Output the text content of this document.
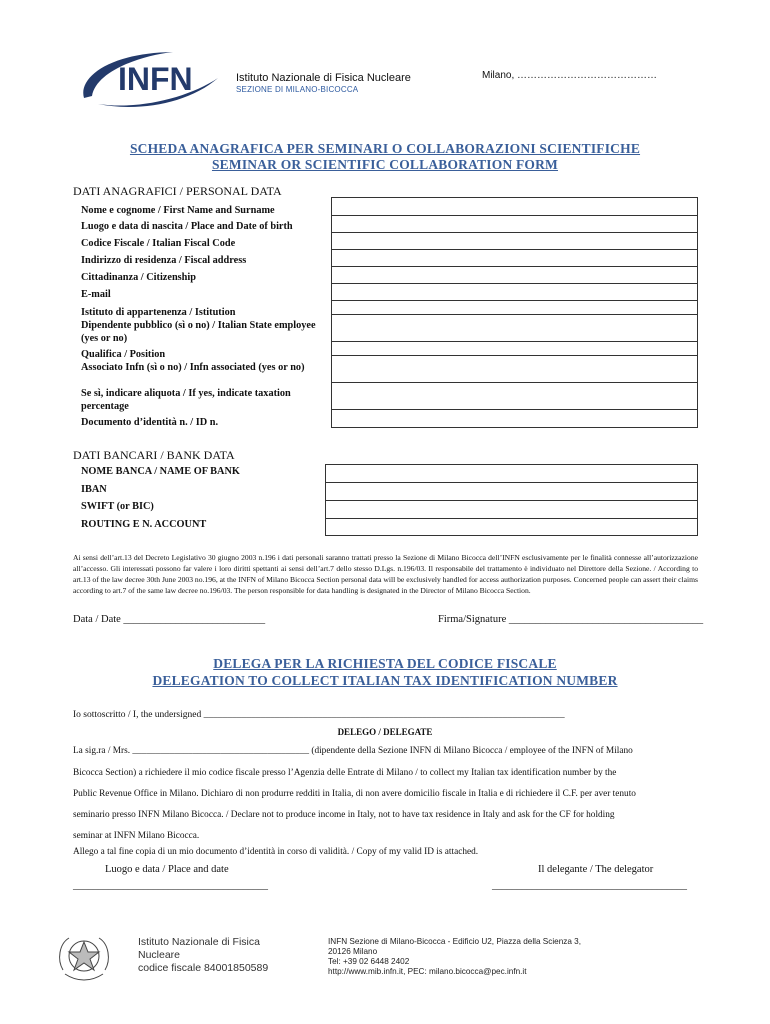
INFN	Istituto Nazionale di Fisica Nucleare
SEZIONE DI MILANO-BICOCCA
Milano, ……………………………………
SCHEDA ANAGRAFICA PER SEMINARI O COLLABORAZIONI SCIENTIFICHE
SEMINAR OR SCIENTIFIC COLLABORATION FORM
DATI ANAGRAFICI / PERSONAL DATA
Nome e cognome / First Name and Surname
Luogo e data di nascita / Place and Date of birth
Codice Fiscale / Italian Fiscal Code
Indirizzo di residenza / Fiscal address
Cittadinanza / Citizenship
E-mail
Istituto di appartenenza / Istitution
Dipendente pubblico (sì o no) / Italian State employee (yes or no)
Qualifica / Position
Associato Infn (sì o no) / Infn associated (yes or no)
Se sì, indicare aliquota / If yes, indicate taxation percentage
Documento d’identità n. / ID n.
DATI BANCARI / BANK DATA
NOME BANCA / NAME OF BANK
IBAN
SWIFT (or BIC)
ROUTING E N. ACCOUNT
Ai sensi dell’art.13 del Decreto Legislativo 30 giugno 2003 n.196 i dati personali saranno trattati presso la Sezione di Milano Bicocca dell’INFN esclusivamente per le finalità connesse all’autorizzazione all’accesso. Gli interessati possono far valere i loro diritti spettanti ai sensi dell’art.7 dello stesso D.Lgs. n.196/03. Il responsabile del trattamento è individuato nel Direttore della Sezione. / According to art.13 of the law decree 30th June 2003 no.196, at the INFN of Milano Bicocca Section personal data will be exclusively handled for access authorization purposes. Concerned people can assert their claims according to art.7 of the same law decree no.196/03. The person responsible for data handling is designated in the Director of Milano Bicocca Section.
Data / Date ___________________________	Firma/Signature _____________________________________
DELEGA PER LA RICHIESTA DEL CODICE FISCALE
DELEGATION TO COLLECT ITALIAN TAX IDENTIFICATION NUMBER
Io sottoscritto / I, the undersigned ____________________________________________________________________________
DELEGO / DELEGATE
La sig.ra / Mrs. ______________________________________ (dipendente della Sezione INFN di Milano Bicocca / employee of the INFN of Milano
Bicocca Section) a richiedere il mio codice fiscale presso l’Agenzia delle Entrate di Milano / to collect my Italian tax identification number by the
Public Revenue Office in Milano. Dichiaro di non produrre redditi in Italia, di non avere domicilio fiscale in Italia e di richiedere il C.F. per aver tenuto
seminario presso INFN Milano Bicocca. / Declare not to produce income in Italy, not to have tax residence in Italy and ask for the CF for holding
seminar at INFN Milano Bicocca.
Allego a tal fine copia di un mio documento d’identità in corso di validità. / Copy of my valid ID is attached.
Luogo e data / Place and date	Il delegante / The delegator
_______________________________________	_______________________________________
Istituto Nazionale di Fisica
Nucleare
codice fiscale 84001850589
INFN Sezione di Milano-Bicocca - Edificio U2, Piazza della Scienza 3,
20126 Milano
Tel: +39 02 6448 2402
http://www.mib.infn.it, PEC: milano.bicocca@pec.infn.it
